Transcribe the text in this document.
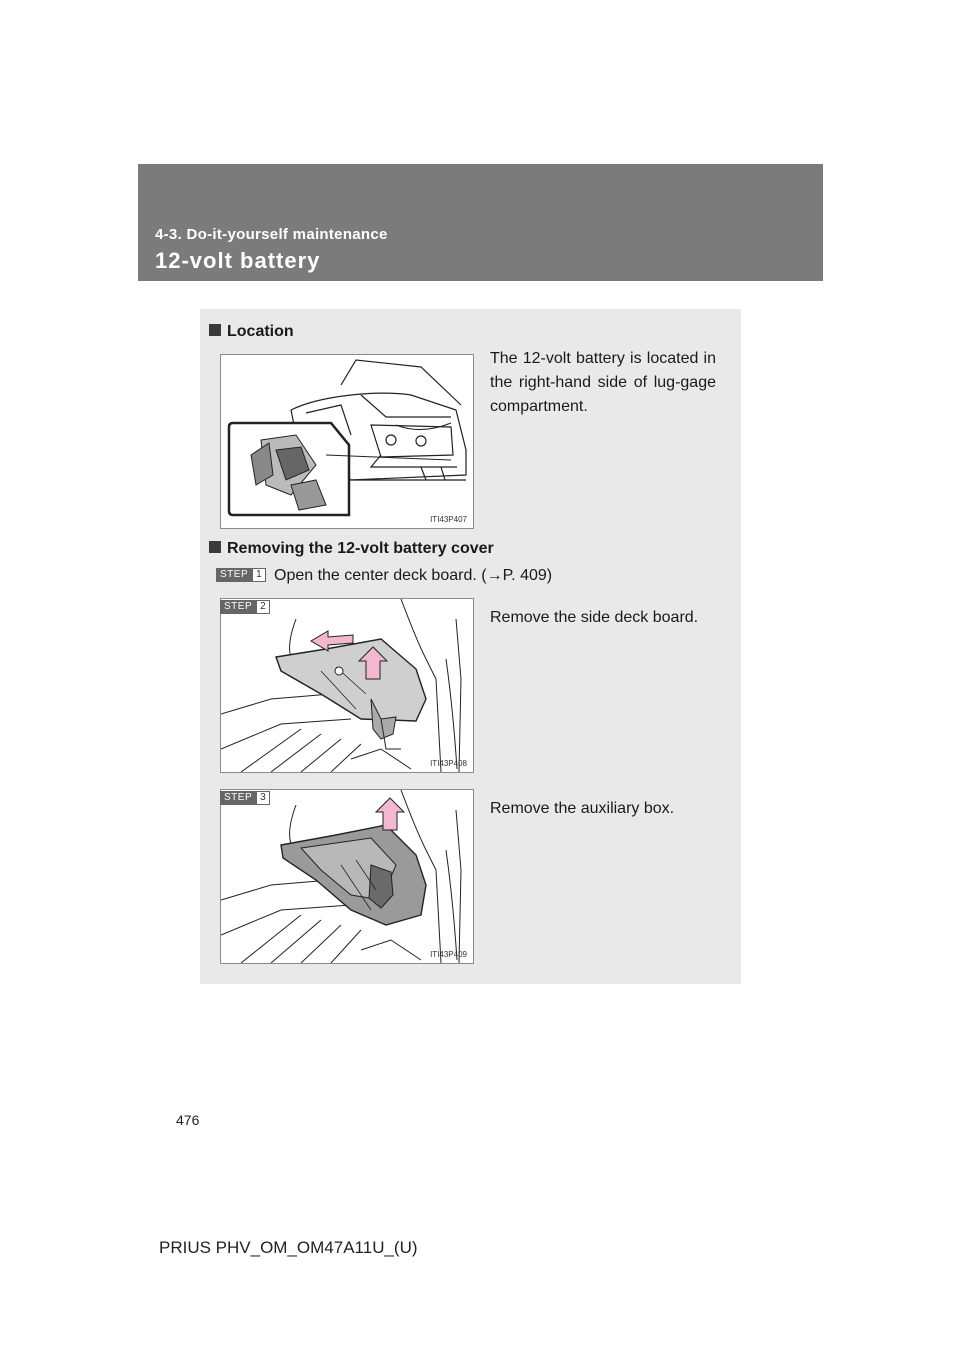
4-3. Do-it-yourself maintenance
12-volt battery
Location
ITI43P407
The 12-volt battery is located in the right-hand side of lug-gage compartment.
Removing the 12-volt battery cover
STEP 1 Open the center deck board. (→P. 409)
ITI43P408
STEP 2
Remove the side deck board.
ITI43P409
STEP 3
Remove the auxiliary box.
476
PRIUS PHV_OM_OM47A11U_(U)
